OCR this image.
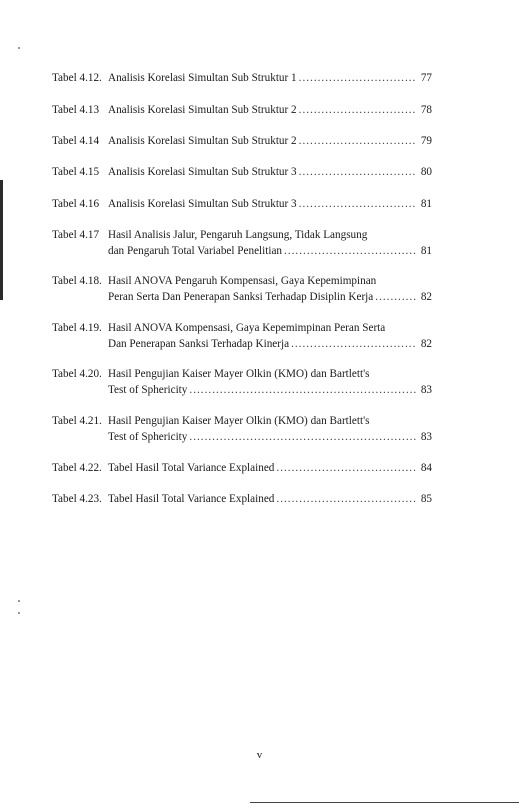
Tabel 4.12. Analisis Korelasi Simultan Sub Struktur 1 .....	77
Tabel 4.13 Analisis Korelasi Simultan Sub Struktur 2 .....	78
Tabel 4.14 Analisis Korelasi Simultan Sub Struktur 2 .....	79
Tabel 4.15 Analisis Korelasi Simultan Sub Struktur 3 .....	80
Tabel 4.16 Analisis Korelasi Simultan Sub Struktur 3 .....	81
Tabel 4.17 Hasil Analisis Jalur, Pengaruh Langsung, Tidak Langsung
dan Pengaruh Total Variabel Penelitian .....	81
Tabel 4.18. Hasil ANOVA Pengaruh Kompensasi, Gaya Kepemimpinan
Peran Serta Dan Penerapan Sanksi Terhadap Disiplin Kerja .....	82
Tabel 4.19. Hasil ANOVA Kompensasi, Gaya Kepemimpinan Peran Serta
Dan Penerapan Sanksi Terhadap Kinerja .....	82
Tabel 4.20. Hasil Pengujian Kaiser Mayer Olkin (KMO) dan Bartlett's
Test of Sphericity .....	83
Tabel 4.21. Hasil Pengujian Kaiser Mayer Olkin (KMO) dan Bartlett's
Test of Sphericity .....	83
Tabel 4.22. Tabel Hasil Total Variance Explained .....	84
Tabel 4.23. Tabel Hasil Total Variance Explained .....	85
v
